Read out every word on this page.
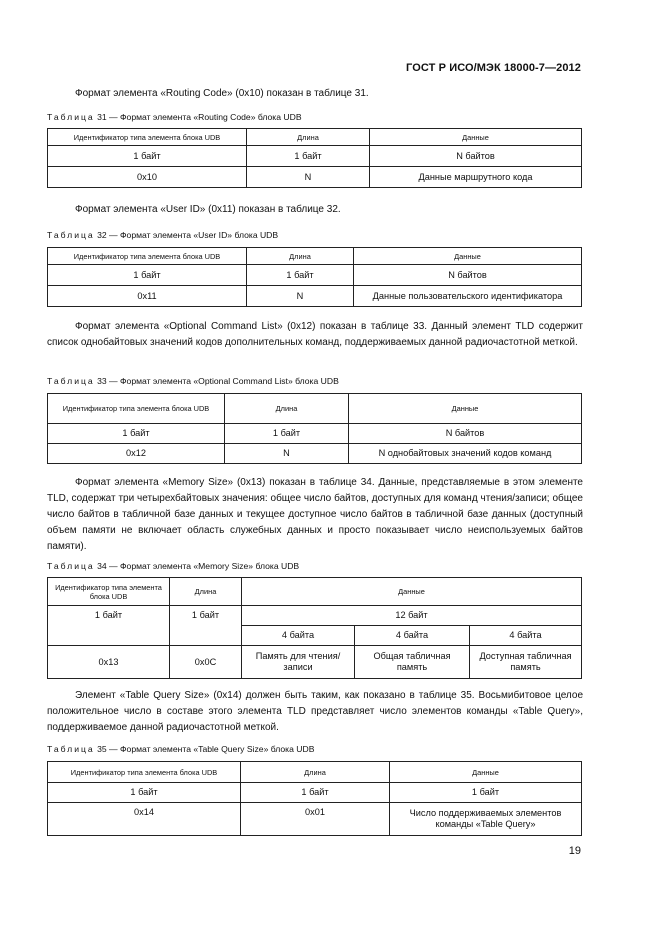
ГОСТ Р ИСО/МЭК 18000-7—2012

Формат элемента «Routing Code» (0x10) показан в таблице 31.

Таблица 31 — Формат элемента «Routing Code» блока UDB

Идентификатор типа элемента блока UDB	Длина	Данные
1 байт	1 байт	N байтов
0x10	N	Данные маршрутного кода

Формат элемента «User ID» (0x11) показан в таблице 32.

Таблица 32 — Формат элемента «User ID» блока UDB

Идентификатор типа элемента блока UDB	Длина	Данные
1 байт	1 байт	N байтов
0x11	N	Данные пользовательского идентификатора

Формат элемента «Optional Command List» (0x12) показан в таблице 33. Данный элемент TLD содержит список однобайтовых значений кодов дополнительных команд, поддерживаемых данной радиочастотной меткой.

Таблица 33 — Формат элемента «Optional Command List» блока UDB

Идентификатор типа элемента блока UDB	Длина	Данные
1 байт	1 байт	N байтов
0x12	N	N однобайтовых значений кодов команд

Формат элемента «Memory Size» (0x13) показан в таблице 34. Данные, представляемые в этом элементе TLD, содержат три четырехбайтовых значения: общее число байтов, доступных для команд чтения/записи; общее число байтов в табличной базе данных и текущее доступное число байтов в табличной базе данных (доступный объем памяти не включает область служебных данных и просто показывает число неиспользуемых байтов памяти).

Таблица 34 — Формат элемента «Memory Size» блока UDB

Идентификатор типа элемента блока UDB	Длина	Данные		
1 байт	1 байт	12 байт		
		4 байта	4 байта	4 байта
0x13	0x0C	Память для чтения/записи	Общая табличная память	Доступная табличная память

Элемент «Table Query Size» (0x14) должен быть таким, как показано в таблице 35. Восьмибитовое целое положительное число в составе этого элемента TLD представляет число элементов команды «Table Query», поддерживаемое данной радиочастотной меткой.

Таблица 35 — Формат элемента «Table Query Size» блока UDB

Идентификатор типа элемента блока UDB	Длина	Данные
1 байт	1 байт	1 байт
0x14	0x01	Число поддерживаемых элементов команды «Table Query»
19
